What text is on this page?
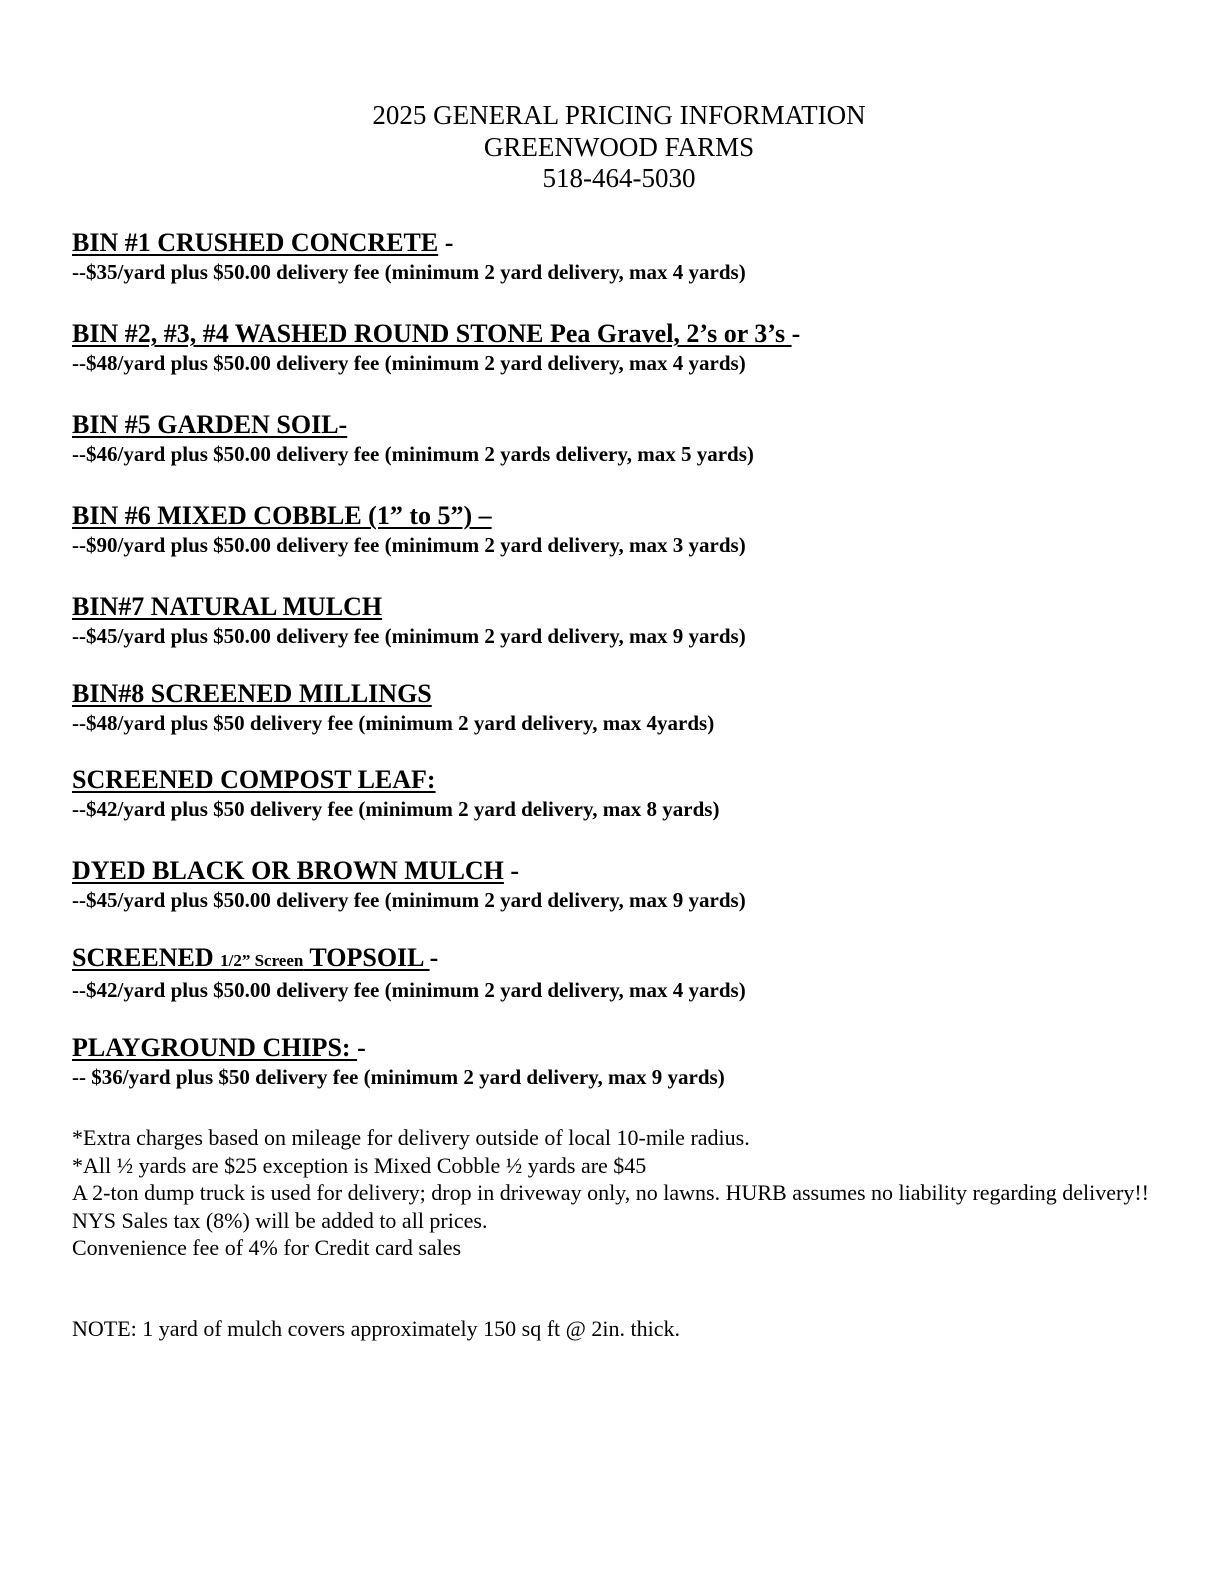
2025 GENERAL PRICING INFORMATION
GREENWOOD FARMS
518-464-5030
BIN #1 CRUSHED CONCRETE -
--$35/yard plus $50.00 delivery fee (minimum 2 yard delivery, max 4 yards)
BIN #2, #3, #4 WASHED ROUND STONE Pea Gravel, 2’s or 3’s -
--$48/yard plus $50.00 delivery fee (minimum 2 yard delivery, max 4 yards)
BIN #5 GARDEN SOIL-
--$46/yard plus $50.00 delivery fee (minimum 2 yards delivery, max 5 yards)
BIN #6 MIXED COBBLE (1” to 5”) –
--$90/yard plus $50.00 delivery fee (minimum 2 yard delivery, max 3 yards)
BIN#7 NATURAL MULCH
--$45/yard plus $50.00 delivery fee (minimum 2 yard delivery, max 9 yards)
BIN#8 SCREENED MILLINGS
--$48/yard plus $50 delivery fee (minimum 2 yard delivery, max 4yards)
SCREENED COMPOST LEAF:
--$42/yard plus $50 delivery fee (minimum 2 yard delivery, max 8 yards)
DYED BLACK OR BROWN MULCH -
--$45/yard plus $50.00 delivery fee (minimum 2 yard delivery, max 9 yards)
SCREENED 1/2” Screen TOPSOIL -
--$42/yard plus $50.00 delivery fee (minimum 2 yard delivery, max 4 yards)
PLAYGROUND CHIPS: -
-- $36/yard plus $50 delivery fee (minimum 2 yard delivery, max 9 yards)
*Extra charges based on mileage for delivery outside of local 10-mile radius.
*All ½ yards are $25 exception is Mixed Cobble ½ yards are $45
A 2-ton dump truck is used for delivery; drop in driveway only, no lawns. HURB assumes no liability regarding delivery!!
NYS Sales tax (8%) will be added to all prices.
Convenience fee of 4% for Credit card sales
NOTE: 1 yard of mulch covers approximately 150 sq ft @ 2in. thick.
